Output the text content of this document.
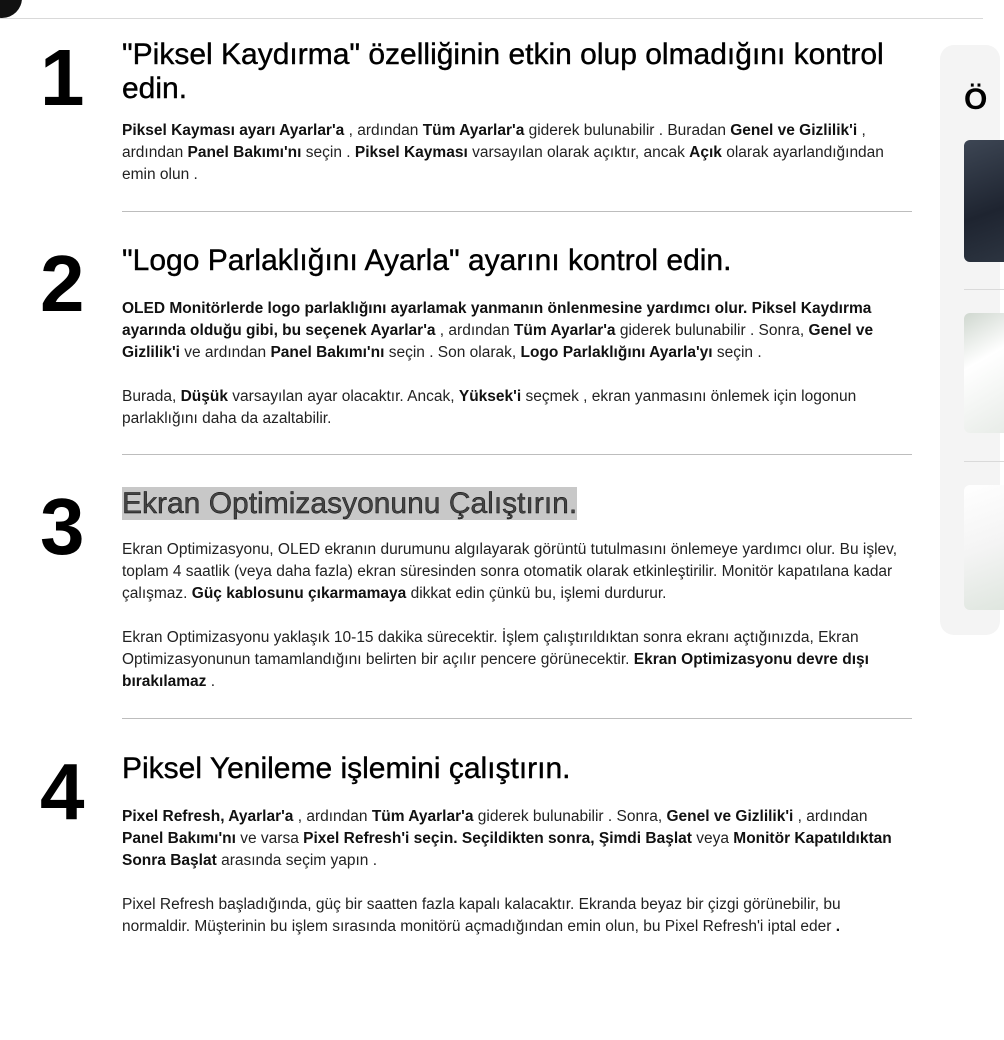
1	"Piksel Kaydırma" özelliğinin etkin olup olmadığını kontrol edin.

Piksel Kayması ayarı Ayarlar'a , ardından Tüm Ayarlar'a giderek bulunabilir . Buradan Genel ve Gizlilik'i , ardından Panel Bakımı'nı seçin . Piksel Kayması varsayılan olarak açıktır, ancak Açık olarak ayarlandığından emin olun .

2	"Logo Parlaklığını Ayarla" ayarını kontrol edin.

OLED Monitörlerde logo parlaklığını ayarlamak yanmanın önlenmesine yardımcı olur. Piksel Kaydırma ayarında olduğu gibi, bu seçenek Ayarlar'a , ardından Tüm Ayarlar'a giderek bulunabilir . Sonra, Genel ve Gizlilik'i ve ardından Panel Bakımı'nı seçin . Son olarak, Logo Parlaklığını Ayarla'yı seçin .

Burada, Düşük varsayılan ayar olacaktır. Ancak, Yüksek'i seçmek , ekran yanmasını önlemek için logonun parlaklığını daha da azaltabilir.

3	Ekran Optimizasyonunu Çalıştırın.

Ekran Optimizasyonu, OLED ekranın durumunu algılayarak görüntü tutulmasını önlemeye yardımcı olur. Bu işlev, toplam 4 saatlik (veya daha fazla) ekran süresinden sonra otomatik olarak etkinleştirilir. Monitör kapatılana kadar çalışmaz. Güç kablosunu çıkarmamaya dikkat edin çünkü bu, işlemi durdurur.

Ekran Optimizasyonu yaklaşık 10-15 dakika sürecektir. İşlem çalıştırıldıktan sonra ekranı açtığınızda, Ekran Optimizasyonunun tamamlandığını belirten bir açılır pencere görünecektir. Ekran Optimizasyonu devre dışı bırakılamaz .

4	Piksel Yenileme işlemini çalıştırın.

Pixel Refresh, Ayarlar'a , ardından Tüm Ayarlar'a giderek bulunabilir . Sonra, Genel ve Gizlilik'i , ardından Panel Bakımı'nı ve varsa Pixel Refresh'i seçin. Seçildikten sonra, Şimdi Başlat veya Monitör Kapatıldıktan Sonra Başlat arasında seçim yapın .

Pixel Refresh başladığında, güç bir saatten fazla kapalı kalacaktır. Ekranda beyaz bir çizgi görünebilir, bu normaldir. Müşterinin bu işlem sırasında monitörü açmadığından emin olun, bu Pixel Refresh'i iptal eder .

Ö
